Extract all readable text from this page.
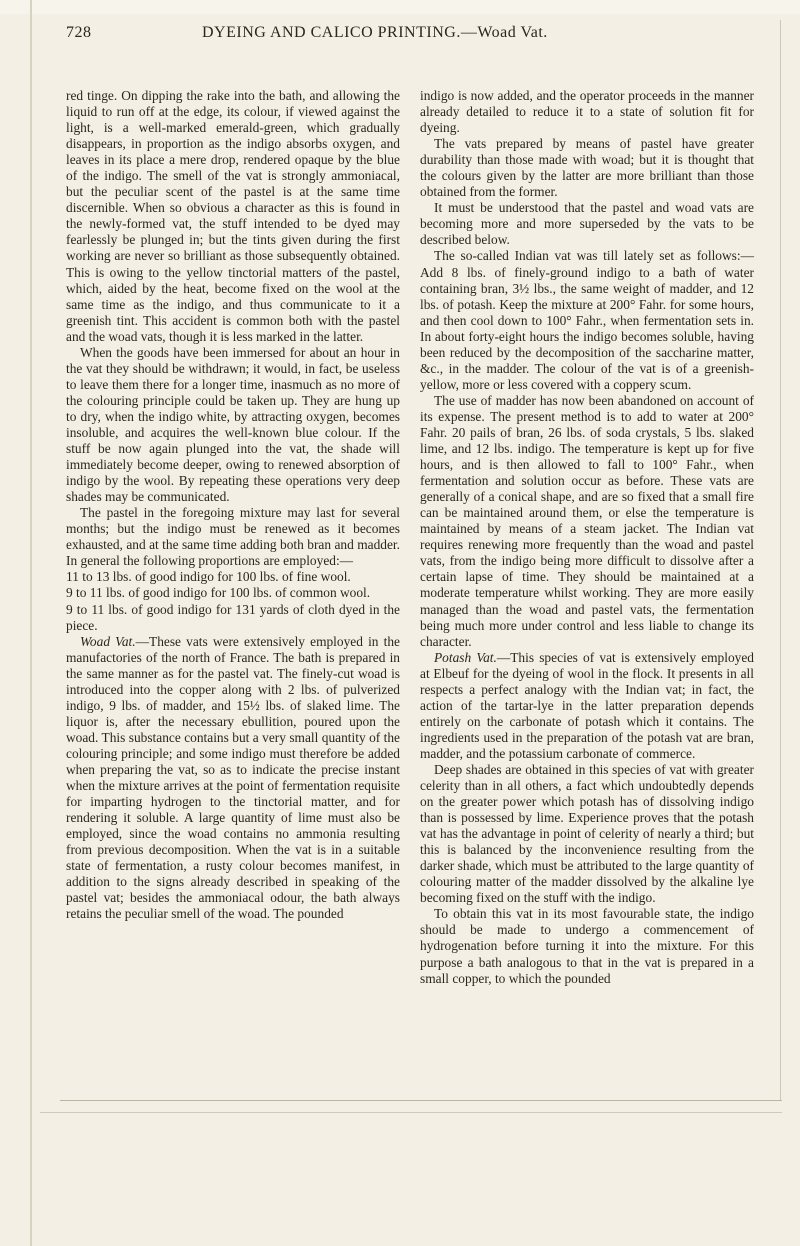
728	DYEING AND CALICO PRINTING.—Woad Vat.

red tinge. On dipping the rake into the bath, and allowing the liquid to run off at the edge, its colour, if viewed against the light, is a well-marked emerald-green, which gradually disappears, in proportion as the indigo absorbs oxygen, and leaves in its place a mere drop, rendered opaque by the blue of the indigo. The smell of the vat is strongly ammoniacal, but the peculiar scent of the pastel is at the same time discernible. When so obvious a character as this is found in the newly-formed vat, the stuff intended to be dyed may fearlessly be plunged in; but the tints given during the first working are never so brilliant as those subsequently obtained. This is owing to the yellow tinctorial matters of the pastel, which, aided by the heat, become fixed on the wool at the same time as the indigo, and thus communicate to it a greenish tint. This accident is common both with the pastel and the woad vats, though it is less marked in the latter.

When the goods have been immersed for about an hour in the vat they should be withdrawn; it would, in fact, be useless to leave them there for a longer time, inasmuch as no more of the colouring principle could be taken up. They are hung up to dry, when the indigo white, by attracting oxygen, becomes insoluble, and acquires the well-known blue colour. If the stuff be now again plunged into the vat, the shade will immediately become deeper, owing to renewed absorption of indigo by the wool. By repeating these operations very deep shades may be communicated.

The pastel in the foregoing mixture may last for several months; but the indigo must be renewed as it becomes exhausted, and at the same time adding both bran and madder. In general the following proportions are employed:—

11 to 13 lbs. of good indigo for 100 lbs. of fine wool.

9 to 11 lbs. of good indigo for 100 lbs. of common wool.

9 to 11 lbs. of good indigo for 131 yards of cloth dyed in the piece.

Woad Vat.—These vats were extensively employed in the manufactories of the north of France. The bath is prepared in the same manner as for the pastel vat. The finely-cut woad is introduced into the copper along with 2 lbs. of pulverized indigo, 9 lbs. of madder, and 15½ lbs. of slaked lime. The liquor is, after the necessary ebullition, poured upon the woad. This substance contains but a very small quantity of the colouring principle; and some indigo must therefore be added when preparing the vat, so as to indicate the precise instant when the mixture arrives at the point of fermentation requisite for imparting hydrogen to the tinctorial matter, and for rendering it soluble. A large quantity of lime must also be employed, since the woad contains no ammonia resulting from previous decomposition. When the vat is in a suitable state of fermentation, a rusty colour becomes manifest, in addition to the signs already described in speaking of the pastel vat; besides the ammoniacal odour, the bath always retains the peculiar smell of the woad. The pounded

indigo is now added, and the operator proceeds in the manner already detailed to reduce it to a state of solution fit for dyeing.

The vats prepared by means of pastel have greater durability than those made with woad; but it is thought that the colours given by the latter are more brilliant than those obtained from the former.

It must be understood that the pastel and woad vats are becoming more and more superseded by the vats to be described below.

The so-called Indian vat was till lately set as follows:—Add 8 lbs. of finely-ground indigo to a bath of water containing bran, 3½ lbs., the same weight of madder, and 12 lbs. of potash. Keep the mixture at 200° Fahr. for some hours, and then cool down to 100° Fahr., when fermentation sets in. In about forty-eight hours the indigo becomes soluble, having been reduced by the decomposition of the saccharine matter, &c., in the madder. The colour of the vat is of a greenish-yellow, more or less covered with a coppery scum.

The use of madder has now been abandoned on account of its expense. The present method is to add to water at 200° Fahr. 20 pails of bran, 26 lbs. of soda crystals, 5 lbs. slaked lime, and 12 lbs. indigo. The temperature is kept up for five hours, and is then allowed to fall to 100° Fahr., when fermentation and solution occur as before. These vats are generally of a conical shape, and are so fixed that a small fire can be maintained around them, or else the temperature is maintained by means of a steam jacket. The Indian vat requires renewing more frequently than the woad and pastel vats, from the indigo being more difficult to dissolve after a certain lapse of time. They should be maintained at a moderate temperature whilst working. They are more easily managed than the woad and pastel vats, the fermentation being much more under control and less liable to change its character.

Potash Vat.—This species of vat is extensively employed at Elbeuf for the dyeing of wool in the flock. It presents in all respects a perfect analogy with the Indian vat; in fact, the action of the tartar-lye in the latter preparation depends entirely on the carbonate of potash which it contains. The ingredients used in the preparation of the potash vat are bran, madder, and the potassium carbonate of commerce.

Deep shades are obtained in this species of vat with greater celerity than in all others, a fact which undoubtedly depends on the greater power which potash has of dissolving indigo than is possessed by lime. Experience proves that the potash vat has the advantage in point of celerity of nearly a third; but this is balanced by the inconvenience resulting from the darker shade, which must be attributed to the large quantity of colouring matter of the madder dissolved by the alkaline lye becoming fixed on the stuff with the indigo.

To obtain this vat in its most favourable state, the indigo should be made to undergo a commencement of hydrogenation before turning it into the mixture. For this purpose a bath analogous to that in the vat is prepared in a small copper, to which the pounded
